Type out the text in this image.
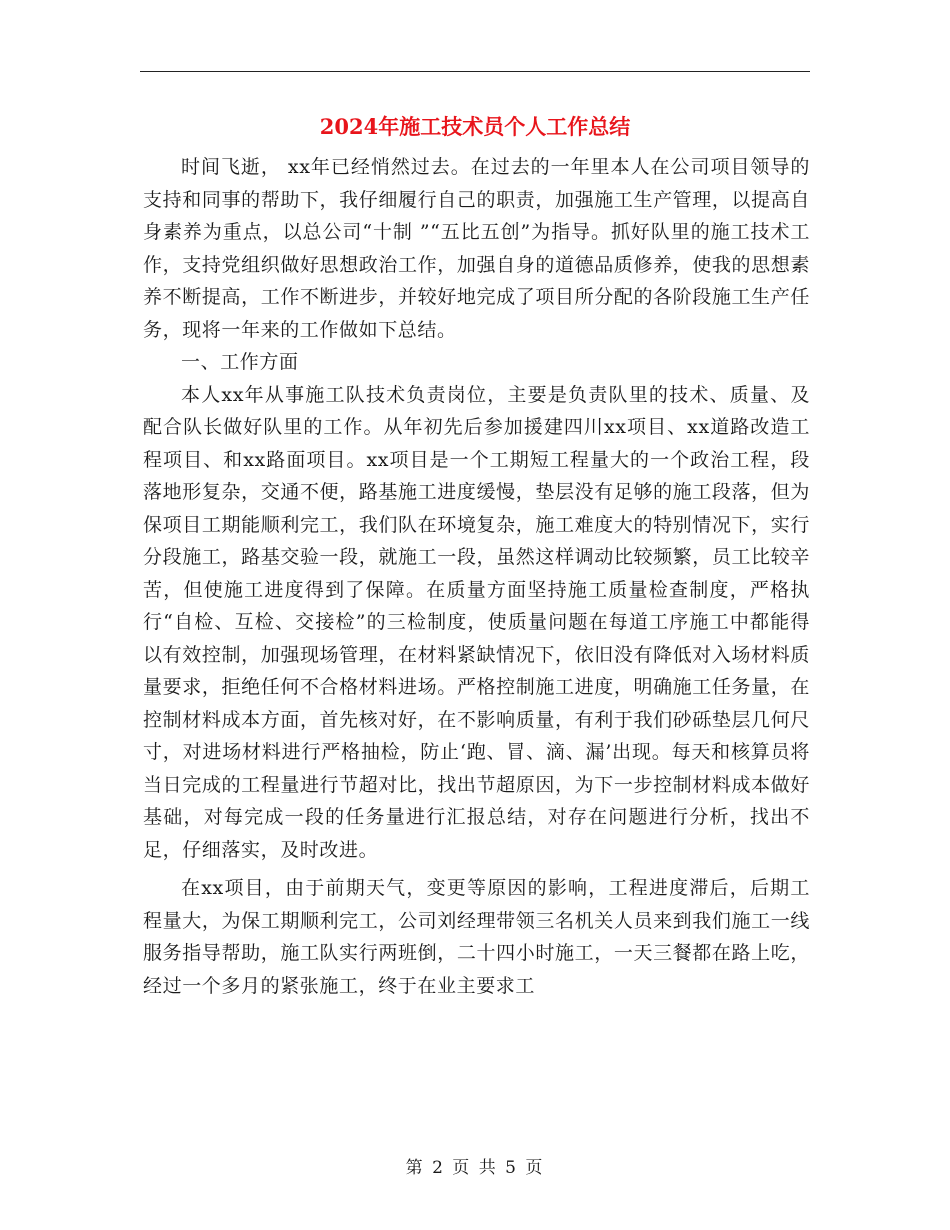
2024年施工技术员个人工作总结

时间飞逝， xx年已经悄然过去。在过去的一年里本人在公司项目领导的支持和同事的帮助下，我仔细履行自己的职责，加强施工生产管理，以提高自身素养为重点，以总公司“十制 ”“五比五创”为指导。抓好队里的施工技术工作，支持党组织做好思想政治工作，加强自身的道德品质修养，使我的思想素养不断提高，工作不断进步，并较好地完成了项目所分配的各阶段施工生产任务，现将一年来的工作做如下总结。

一、工作方面

本人xx年从事施工队技术负责岗位，主要是负责队里的技术、质量、及配合队长做好队里的工作。从年初先后参加援建四川xx项目、xx道路改造工程项目、和xx路面项目。xx项目是一个工期短工程量大的一个政治工程，段落地形复杂，交通不便，路基施工进度缓慢，垫层没有足够的施工段落，但为保项目工期能顺利完工，我们队在环境复杂，施工难度大的特别情况下，实行分段施工，路基交验一段，就施工一段，虽然这样调动比较频繁，员工比较辛苦，但使施工进度得到了保障。在质量方面坚持施工质量检查制度，严格执行“自检、互检、交接检”的三检制度，使质量问题在每道工序施工中都能得以有效控制，加强现场管理，在材料紧缺情况下，依旧没有降低对入场材料质量要求，拒绝任何不合格材料进场。严格控制施工进度，明确施工任务量，在控制材料成本方面，首先核对好，在不影响质量，有利于我们砂砾垫层几何尺寸，对进场材料进行严格抽检，防止‘跑、冒、滴、漏’出现。每天和核算员将当日完成的工程量进行节超对比，找出节超原因，为下一步控制材料成本做好基础，对每完成一段的任务量进行汇报总结，对存在问题进行分析，找出不足，仔细落实，及时改进。

在xx项目，由于前期天气，变更等原因的影响，工程进度滞后，后期工程量大，为保工期顺利完工，公司刘经理带领三名机关人员来到我们施工一线服务指导帮助，施工队实行两班倒，二十四小时施工，一天三餐都在路上吃，经过一个多月的紧张施工，终于在业主要求工

第 2 页 共 5 页
